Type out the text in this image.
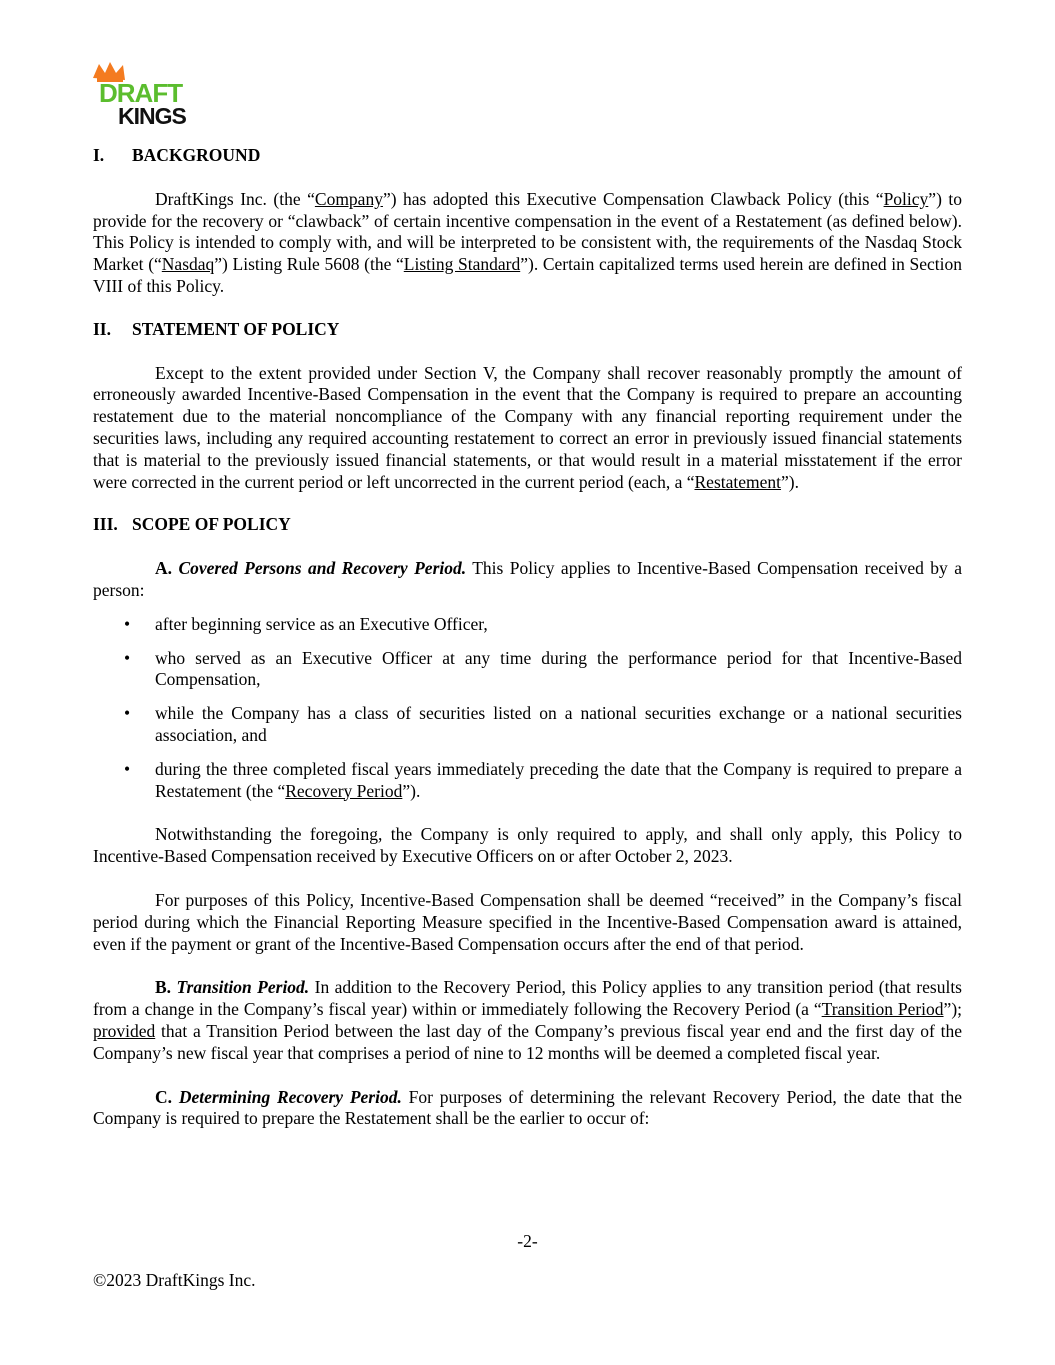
DRAFT
KINGS

I. BACKGROUND

DraftKings Inc. (the “Company”) has adopted this Executive Compensation Clawback Policy (this “Policy”) to provide for the recovery or “clawback” of certain incentive compensation in the event of a Restatement (as defined below). This Policy is intended to comply with, and will be interpreted to be consistent with, the requirements of the Nasdaq Stock Market (“Nasdaq”) Listing Rule 5608 (the “Listing Standard”). Certain capitalized terms used herein are defined in Section VIII of this Policy.

II. STATEMENT OF POLICY

Except to the extent provided under Section V, the Company shall recover reasonably promptly the amount of erroneously awarded Incentive-Based Compensation in the event that the Company is required to prepare an accounting restatement due to the material noncompliance of the Company with any financial reporting requirement under the securities laws, including any required accounting restatement to correct an error in previously issued financial statements that is material to the previously issued financial statements, or that would result in a material misstatement if the error were corrected in the current period or left uncorrected in the current period (each, a “Restatement”).

III. SCOPE OF POLICY

A. Covered Persons and Recovery Period. This Policy applies to Incentive-Based Compensation received by a person:

• after beginning service as an Executive Officer,
• who served as an Executive Officer at any time during the performance period for that Incentive-Based Compensation,
• while the Company has a class of securities listed on a national securities exchange or a national securities association, and
• during the three completed fiscal years immediately preceding the date that the Company is required to prepare a Restatement (the “Recovery Period”).

Notwithstanding the foregoing, the Company is only required to apply, and shall only apply, this Policy to Incentive-Based Compensation received by Executive Officers on or after October 2, 2023.

For purposes of this Policy, Incentive-Based Compensation shall be deemed “received” in the Company’s fiscal period during which the Financial Reporting Measure specified in the Incentive-Based Compensation award is attained, even if the payment or grant of the Incentive-Based Compensation occurs after the end of that period.

B. Transition Period. In addition to the Recovery Period, this Policy applies to any transition period (that results from a change in the Company’s fiscal year) within or immediately following the Recovery Period (a “Transition Period”); provided that a Transition Period between the last day of the Company’s previous fiscal year end and the first day of the Company’s new fiscal year that comprises a period of nine to 12 months will be deemed a completed fiscal year.

C. Determining Recovery Period. For purposes of determining the relevant Recovery Period, the date that the Company is required to prepare the Restatement shall be the earlier to occur of:

-2-
©2023 DraftKings Inc.
